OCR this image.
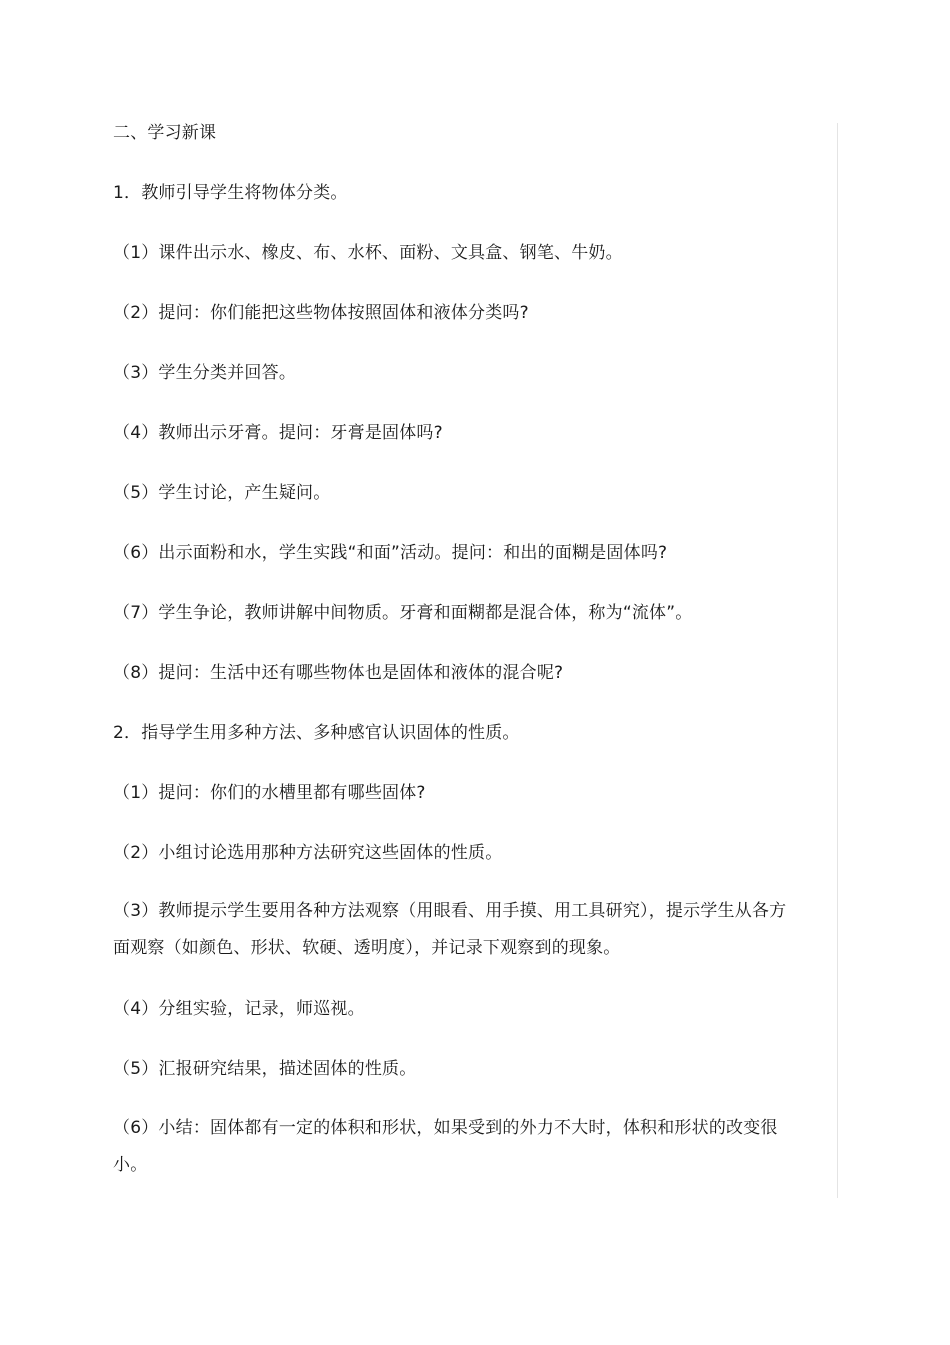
二、学习新课
1．教师引导学生将物体分类。
（1）课件出示水、橡皮、布、水杯、面粉、文具盒、钢笔、牛奶。
（2）提问：你们能把这些物体按照固体和液体分类吗?
（3）学生分类并回答。
（4）教师出示牙膏。提问：牙膏是固体吗?
（5）学生讨论，产生疑问。
（6）出示面粉和水，学生实践“和面”活动。提问：和出的面糊是固体吗?
（7）学生争论，教师讲解中间物质。牙膏和面糊都是混合体，称为“流体”。
（8）提问：生活中还有哪些物体也是固体和液体的混合呢?
2．指导学生用多种方法、多种感官认识固体的性质。
（1）提问：你们的水槽里都有哪些固体?
（2）小组讨论选用那种方法研究这些固体的性质。
（3）教师提示学生要用各种方法观察（用眼看、用手摸、用工具研究），提示学生从各方面观察（如颜色、形状、软硬、透明度），并记录下观察到的现象。
（4）分组实验，记录，师巡视。
（5）汇报研究结果，描述固体的性质。
（6）小结：固体都有一定的体积和形状，如果受到的外力不大时，体积和形状的改变很小。
